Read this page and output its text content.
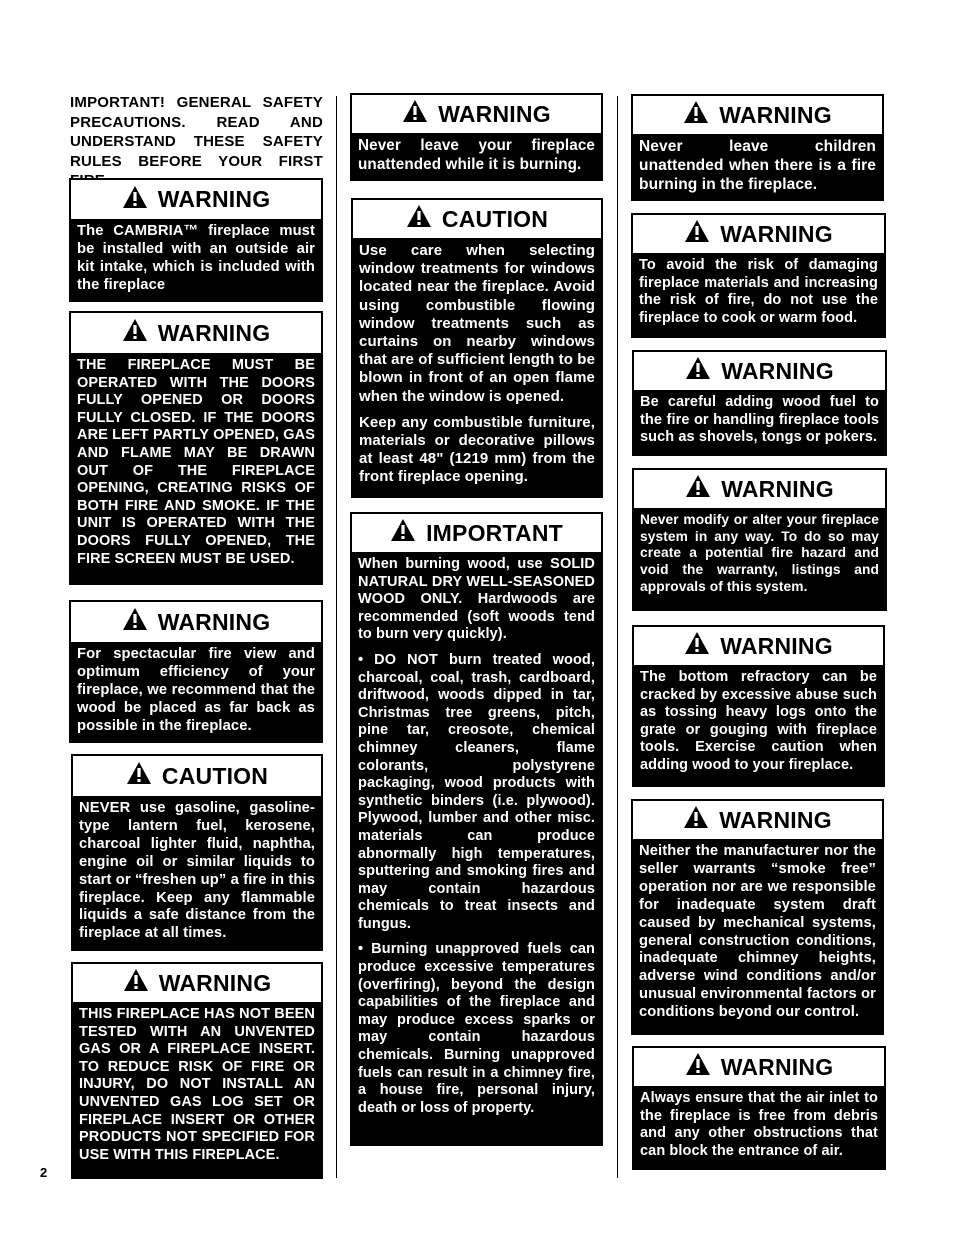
IMPORTANT! GENERAL SAFETY PRECAUTIONS. READ AND UNDERSTAND THESE SAFETY RULES BEFORE YOUR FIRST
WARNING

The CAMBRIA™ fireplace must be installed with an outside air kit intake, which is included with the fireplace

WARNING

THE FIREPLACE MUST BE OPERATED WITH THE DOORS FULLY OPENED OR DOORS FULLY CLOSED. IF THE DOORS ARE LEFT PARTLY OPENED, GAS AND FLAME MAY BE DRAWN OUT OF THE FIREPLACE OPENING, CREATING RISKS OF BOTH FIRE AND SMOKE. IF THE UNIT IS OPERATED WITH THE DOORS FULLY OPENED, THE FIRE SCREEN MUST BE USED.

WARNING

For spectacular fire view and optimum efficiency of your fireplace, we recommend that the wood be placed as far back as possible in the fireplace.

CAUTION

NEVER use gasoline, gasoline-type lantern fuel, kerosene, charcoal lighter fluid, naphtha, engine oil or similar liquids to start or “freshen up” a fire in this fireplace. Keep any flammable liquids a safe distance from the fireplace at all times.

WARNING

THIS FIREPLACE HAS NOT BEEN TESTED WITH AN UNVENTED GAS OR A FIREPLACE INSERT. TO REDUCE RISK OF FIRE OR INJURY, DO NOT INSTALL AN UNVENTED GAS LOG SET OR FIREPLACE INSERT OR OTHER PRODUCTS NOT SPECIFIED FOR USE WITH THIS FIREPLACE.

WARNING

Never leave your fireplace unattended while it is burning.

CAUTION

Use care when selecting window treatments for windows located near the fireplace. Avoid using combustible flowing window treatments such as curtains on nearby windows that are of sufficient length to be blown in front of an open flame when the window is opened.

Keep any combustible furniture, materials or decorative pillows at least 48" (1219 mm) from the front fireplace opening.

IMPORTANT

When burning wood, use SOLID NATURAL DRY WELL-SEASONED WOOD ONLY. Hardwoods are recommended (soft woods tend to burn very quickly).

• DO NOT burn treated wood, charcoal, coal, trash, cardboard, driftwood, woods dipped in tar, Christmas tree greens, pitch, pine tar, creosote, chemical chimney cleaners, flame colorants, polystyrene packaging, wood products with synthetic binders (i.e. plywood). Plywood, lumber and other misc. materials can produce abnormally high temperatures, sputtering and smoking fires and may contain hazardous chemicals to treat insects and fungus.

• Burning unapproved fuels can produce excessive temperatures (overfiring), beyond the design capabilities of the fireplace and may produce excess sparks or may contain hazardous chemicals. Burning unapproved fuels can result in a chimney fire, a house fire, personal injury, death or loss of property.

WARNING

Never leave children unattended when there is a fire burning in the fireplace.

WARNING

To avoid the risk of damaging fireplace materials and increasing the risk of fire, do not use the fireplace to cook or warm food.

WARNING

Be careful adding wood fuel to the fire or handling fireplace tools such as shovels, tongs or pokers.

WARNING

Never modify or alter your fireplace system in any way. To do so may create a potential fire hazard and void the warranty, listings and approvals of this system.

WARNING

The bottom refractory can be cracked by excessive abuse such as tossing heavy logs onto the grate or gouging with fireplace tools. Exercise caution when adding wood to your fireplace.

WARNING

Neither the manufacturer nor the seller warrants “smoke free” operation nor are we responsible for inadequate system draft caused by mechanical systems, general construction conditions, inadequate chimney heights, adverse wind conditions and/or unusual environmental factors or conditions beyond our control.

WARNING

Always ensure that the air inlet to the fireplace is free from debris and any other obstructions that can block the entrance of air.

2
